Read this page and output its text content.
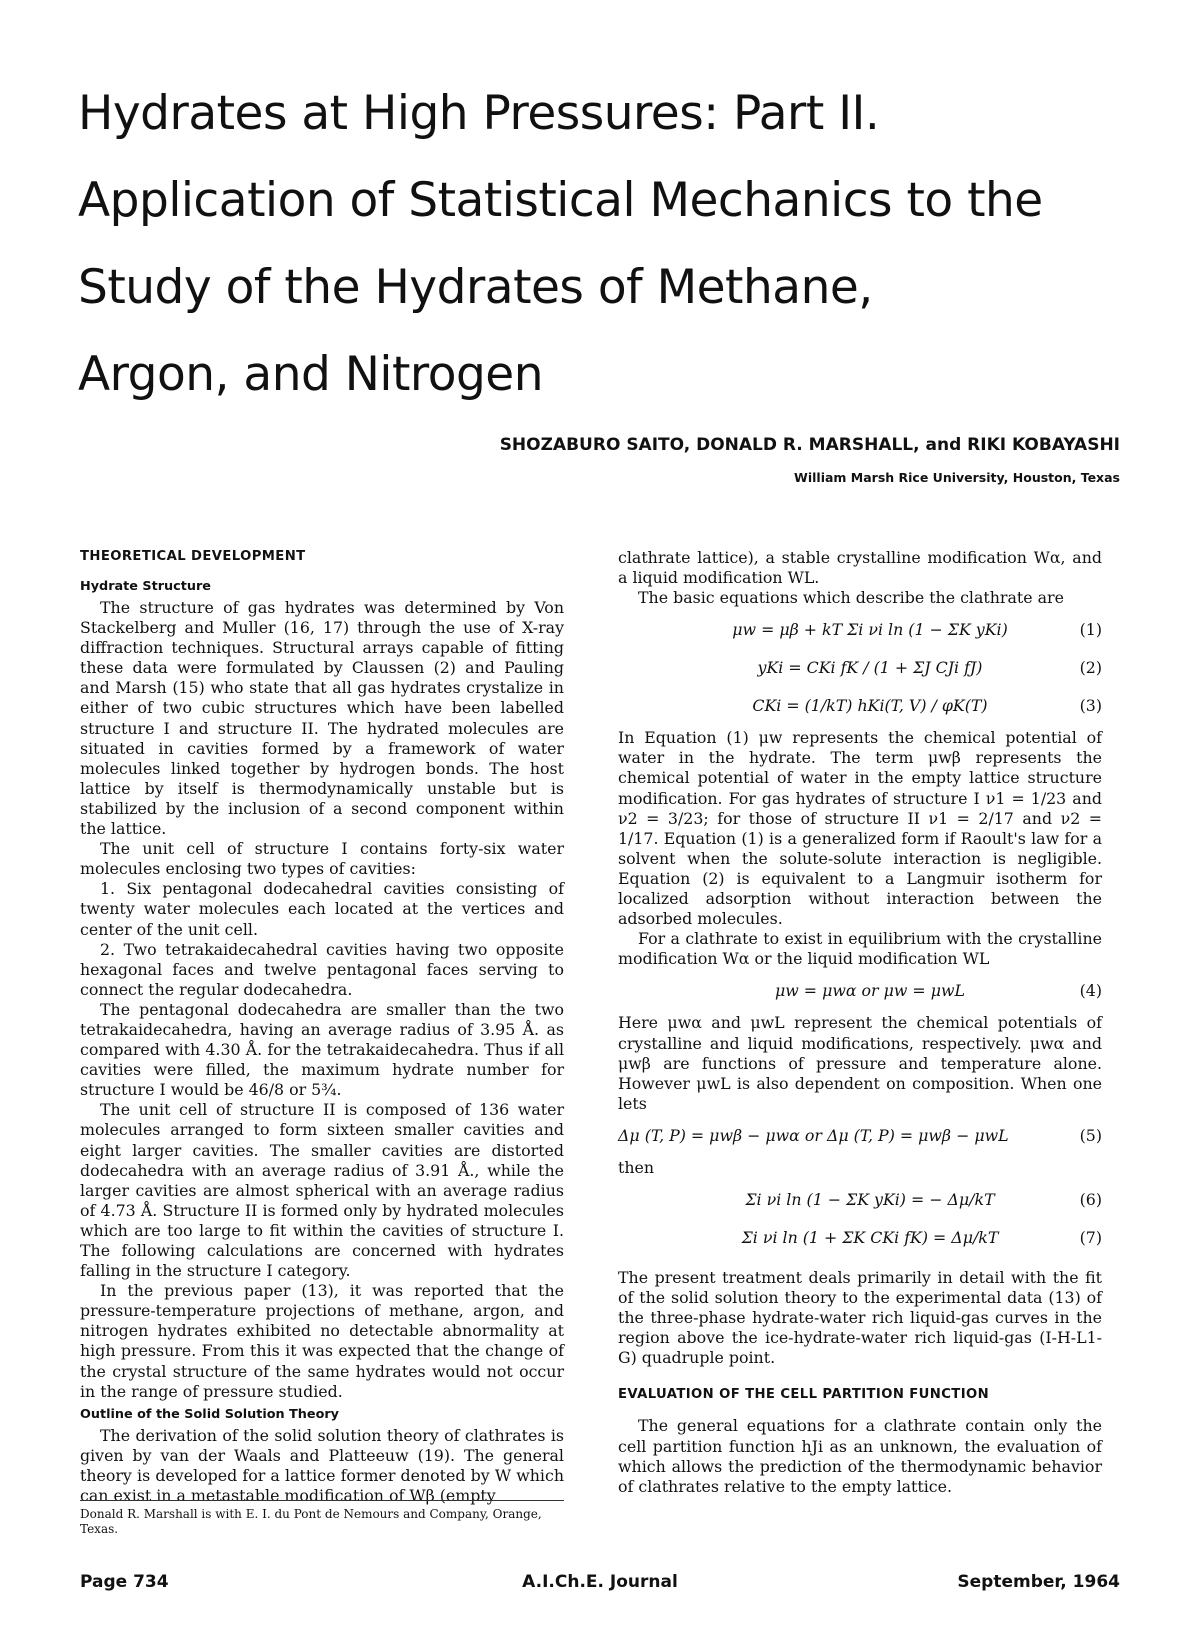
Hydrates at High Pressures: Part II.
Application of Statistical Mechanics to the
Study of the Hydrates of Methane,
Argon, and Nitrogen
SHOZABURO SAITO, DONALD R. MARSHALL, and RIKI KOBAYASHI
William Marsh Rice University, Houston, Texas
THEORETICAL DEVELOPMENT
Hydrate Structure

The structure of gas hydrates was determined by Von Stackelberg and Muller (16, 17) through the use of X-ray diffraction techniques. Structural arrays capable of fitting these data were formulated by Claussen (2) and Pauling and Marsh (15) who state that all gas hydrates crystalize in either of two cubic structures which have been labelled structure I and structure II. The hydrated molecules are situated in cavities formed by a framework of water molecules linked together by hydrogen bonds. The host lattice by itself is thermodynamically unstable but is stabilized by the inclusion of a second component within the lattice.

The unit cell of structure I contains forty-six water molecules enclosing two types of cavities:

1. Six pentagonal dodecahedral cavities consisting of twenty water molecules each located at the vertices and center of the unit cell.

2. Two tetrakaidecahedral cavities having two opposite hexagonal faces and twelve pentagonal faces serving to connect the regular dodecahedra.

The pentagonal dodecahedra are smaller than the two tetrakaidecahedra, having an average radius of 3.95 Å. as compared with 4.30 Å. for the tetrakaidecahedra. Thus if all cavities were filled, the maximum hydrate number for structure I would be 46/8 or 5¾.

The unit cell of structure II is composed of 136 water molecules arranged to form sixteen smaller cavities and eight larger cavities. The smaller cavities are distorted dodecahedra with an average radius of 3.91 Å., while the larger cavities are almost spherical with an average radius of 4.73 Å. Structure II is formed only by hydrated molecules which are too large to fit within the cavities of structure I. The following calculations are concerned with hydrates falling in the structure I category.

In the previous paper (13), it was reported that the pressure-temperature projections of methane, argon, and nitrogen hydrates exhibited no detectable abnormality at high pressure. From this it was expected that the change of the crystal structure of the same hydrates would not occur in the range of pressure studied.

Outline of the Solid Solution Theory

The derivation of the solid solution theory of clathrates is given by van der Waals and Platteeuw (19). The general theory is developed for a lattice former denoted by W which can exist in a metastable modification of Wβ (empty

Donald R. Marshall is with E. I. du Pont de Nemours and Company, Orange, Texas.

clathrate lattice), a stable crystalline modification Wα, and a liquid modification WL.

The basic equations which describe the clathrate are

μw = μβ + kT Σi νi ln (1 − ΣK yKi)	(1)
yKi = CKi fK / (1 + ΣJ CJi fJ)	(2)
CKi = (1/kT) hKi(T, V) / φK(T)	(3)

In Equation (1) μw represents the chemical potential of water in the hydrate. The term μwβ represents the chemical potential of water in the empty lattice structure modification. For gas hydrates of structure I ν1 = 1/23 and ν2 = 3/23; for those of structure II ν1 = 2/17 and ν2 = 1/17. Equation (1) is a generalized form if Raoult's law for a solvent when the solute-solute interaction is negligible. Equation (2) is equivalent to a Langmuir isotherm for localized adsorption without interaction between the adsorbed molecules.

For a clathrate to exist in equilibrium with the crystalline modification Wα or the liquid modification WL

μw = μwα or μw = μwL	(4)

Here μwα and μwL represent the chemical potentials of crystalline and liquid modifications, respectively. μwα and μwβ are functions of pressure and temperature alone. However μwL is also dependent on composition. When one lets

Δμ (T, P) = μwβ − μwα or Δμ (T, P) = μwβ − μwL	(5)

then

Σi νi ln (1 − ΣK yKi) = − Δμ/kT	(6)
Σi νi ln (1 + ΣK CKi fK) = Δμ/kT	(7)

The present treatment deals primarily in detail with the fit of the solid solution theory to the experimental data (13) of the three-phase hydrate-water rich liquid-gas curves in the region above the ice-hydrate-water rich liquid-gas (I-H-L1-G) quadruple point.

EVALUATION OF THE CELL PARTITION FUNCTION

The general equations for a clathrate contain only the cell partition function hJi as an unknown, the evaluation of which allows the prediction of the thermodynamic behavior of clathrates relative to the empty lattice.

Page 734	A.I.Ch.E. Journal	September, 1964
